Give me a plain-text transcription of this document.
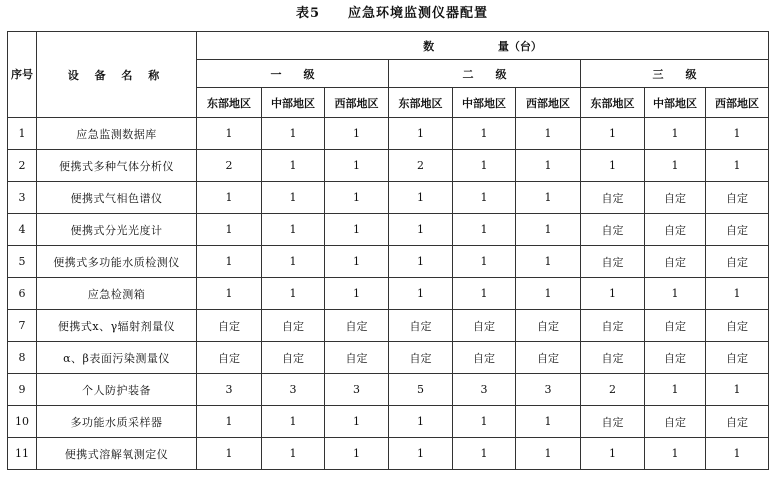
表5　　应急环境监测仪器配置
序号	设 备 名 称	数 量（台）								
		一　　级			二　　级			三　　级		
		东部地区	中部地区	西部地区	东部地区	中部地区	西部地区	东部地区	中部地区	西部地区
1	应急监测数据库	1	1	1	1	1	1	1	1	1
2	便携式多种气体分析仪	2	1	1	2	1	1	1	1	1
3	便携式气相色谱仪	1	1	1	1	1	1	自定	自定	自定
4	便携式分光光度计	1	1	1	1	1	1	自定	自定	自定
5	便携式多功能水质检测仪	1	1	1	1	1	1	自定	自定	自定
6	应急检测箱	1	1	1	1	1	1	1	1	1
7	便携式x、γ辐射剂量仪	自定	自定	自定	自定	自定	自定	自定	自定	自定
8	α、β表面污染测量仪	自定	自定	自定	自定	自定	自定	自定	自定	自定
9	个人防护装备	3	3	3	5	3	3	2	1	1
10	多功能水质采样器	1	1	1	1	1	1	自定	自定	自定
11	便携式溶解氧测定仪	1	1	1	1	1	1	1	1	1
